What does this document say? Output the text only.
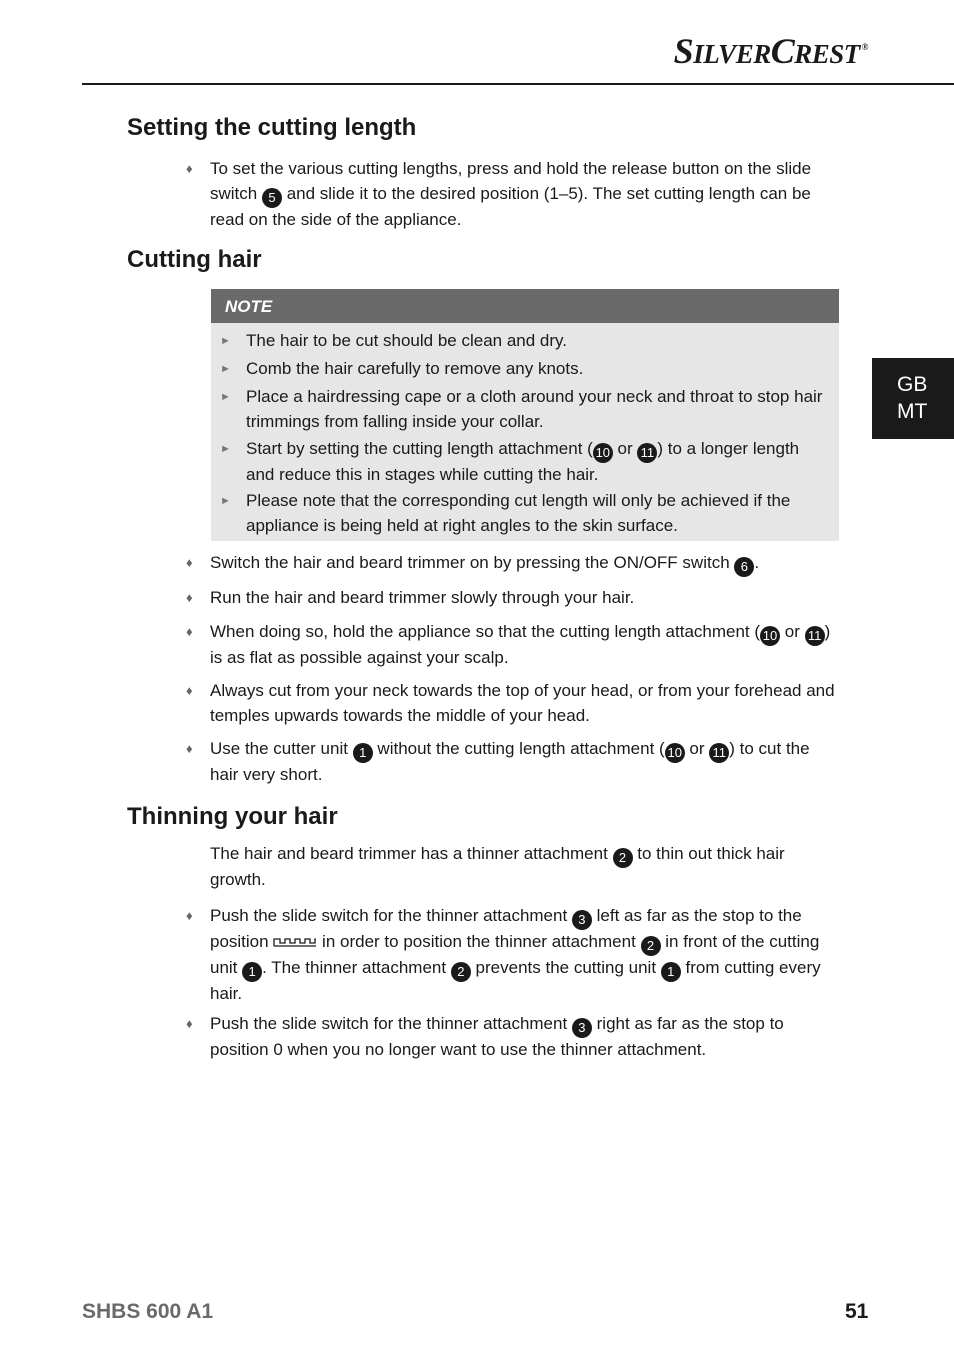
SILVERCREST ®
GB
MT
Setting the cutting length
♦ To set the various cutting lengths, press and hold the release button on the slide switch 5 and slide it to the desired position (1–5). The set cutting length can be read on the side of the appliance.
Cutting hair
NOTE
► The hair to be cut should be clean and dry.
► Comb the hair carefully to remove any knots.
► Place a hairdressing cape or a cloth around your neck and throat to stop hair trimmings from falling inside your collar.
► Start by setting the cutting length attachment ( 10 or 11 ) to a longer length and reduce this in stages while cutting the hair.
► Please note that the corresponding cut length will only be achieved if the appliance is being held at right angles to the skin surface.
♦ Switch the hair and beard trimmer on by pressing the ON/OFF switch 6 .
♦ Run the hair and beard trimmer slowly through your hair.
♦ When doing so, hold the appliance so that the cutting length attachment ( 10 or 11 ) is as flat as possible against your scalp.
♦ Always cut from your neck towards the top of your head, or from your forehead and temples upwards towards the middle of your head.
♦ Use the cutter unit 1 without the cutting length attachment ( 10 or 11 ) to cut the hair very short.
Thinning your hair
The hair and beard trimmer has a thinner attachment 2 to thin out thick hair growth.
♦ Push the slide switch for the thinner attachment 3 left as far as the stop to the position	in order to position the thinner attachment 2 in front of the cutting unit 1 . The thinner attachment 2 prevents the cutting unit 1 from cutting every hair.
♦ Push the slide switch for the thinner attachment 3 right as far as the stop to position 0 when you no longer want to use the thinner attachment.
SHBS 600 A1	51
